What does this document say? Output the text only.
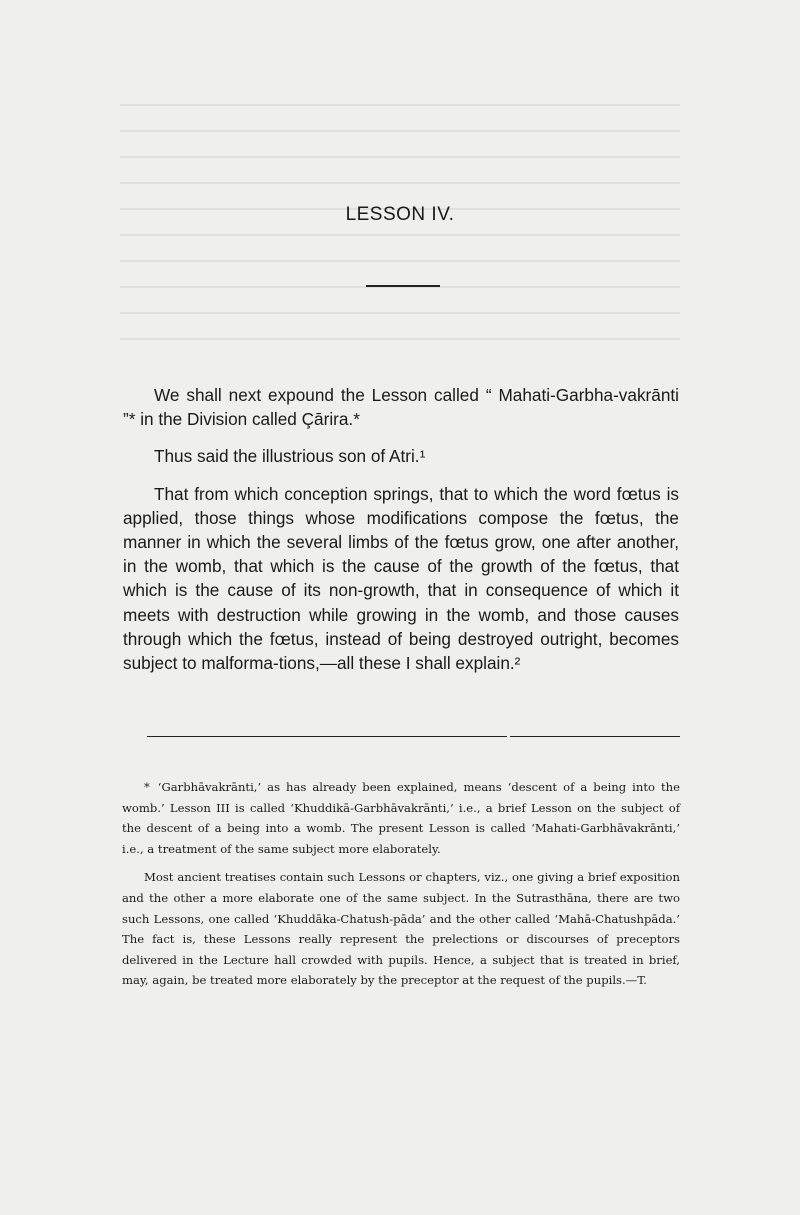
LESSON IV.

We shall next expound the Lesson called “ Mahati-Garbha-vakrānti ”* in the Division called Çārira.*

Thus said the illustrious son of Atri.¹

That from which conception springs, that to which the word fœtus is applied, those things whose modifications compose the fœtus, the manner in which the several limbs of the fœtus grow, one after another, in the womb, that which is the cause of the growth of the fœtus, that which is the cause of its non-growth, that in consequence of which it meets with destruction while growing in the womb, and those causes through which the fœtus, instead of being destroyed outright, becomes subject to malforma-tions,—all these I shall explain.²

* ‘Garbhāvakrānti,’ as has already been explained, means ‘descent of a being into the womb.’ Lesson III is called ‘Khuddikā-Garbhāvakrānti,’ i.e., a brief Lesson on the subject of the descent of a being into a womb. The present Lesson is called ‘Mahati-Garbhāvakrānti,’ i.e., a treatment of the same subject more elaborately.

Most ancient treatises contain such Lessons or chapters, viz., one giving a brief exposition and the other a more elaborate one of the same subject. In the Sutrasthāna, there are two such Lessons, one called ‘Khuddāka-Chatush-pāda’ and the other called ‘Mahā-Chatushpāda.’ The fact is, these Lessons really represent the prelections or discourses of preceptors delivered in the Lecture hall crowded with pupils. Hence, a subject that is treated in brief, may, again, be treated more elaborately by the preceptor at the request of the pupils.—T.
